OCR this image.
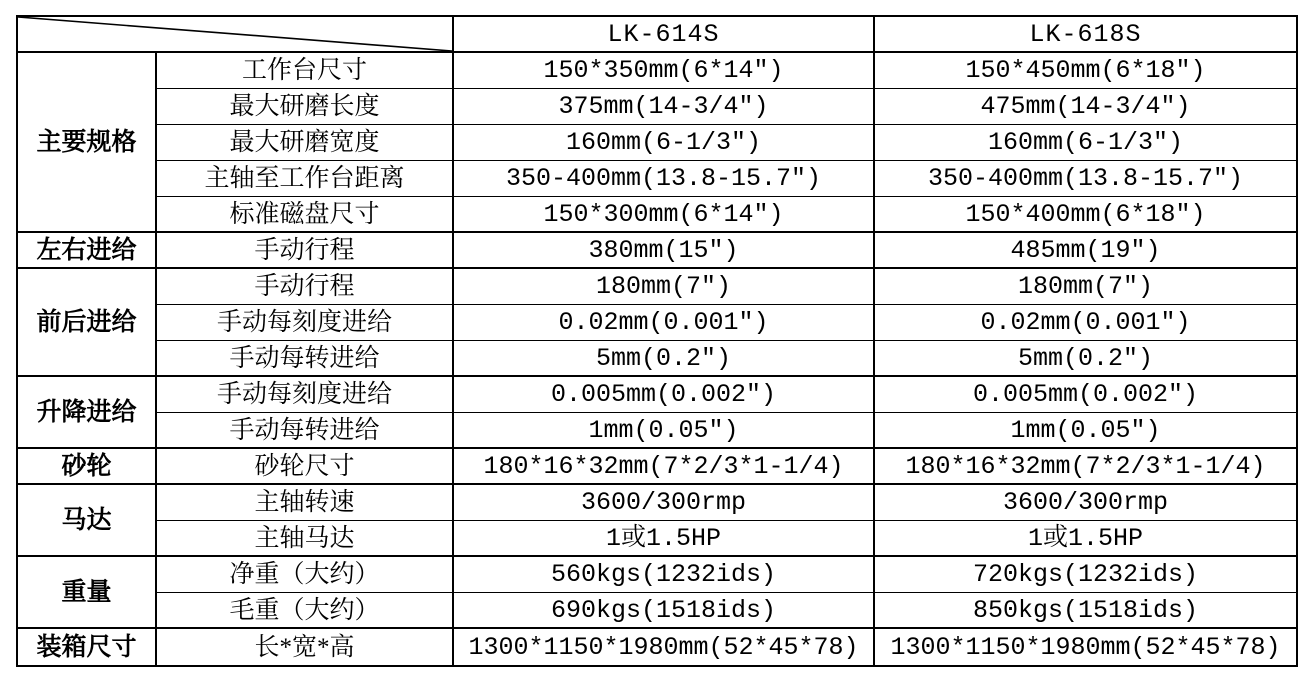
	LK-614S	LK-618S
主要规格	工作台尺寸	150*350mm(6*14″)	150*450mm(6*18″)
	最大研磨长度	375mm(14-3/4″)	475mm(14-3/4″)
	最大研磨宽度	160mm(6-1/3″)	160mm(6-1/3″)
	主轴至工作台距离	350-400mm(13.8-15.7″)	350-400mm(13.8-15.7″)
	标准磁盘尺寸	150*300mm(6*14″)	150*400mm(6*18″)
左右进给	手动行程	380mm(15″)	485mm(19″)
前后进给	手动行程	180mm(7″)	180mm(7″)
	手动每刻度进给	0.02mm(0.001″)	0.02mm(0.001″)
	手动每转进给	5mm(0.2″)	5mm(0.2″)
升降进给	手动每刻度进给	0.005mm(0.002″)	0.005mm(0.002″)
	手动每转进给	1mm(0.05″)	1mm(0.05″)
砂轮	砂轮尺寸	180*16*32mm(7*2/3*1-1/4)	180*16*32mm(7*2/3*1-1/4)
马达	主轴转速	3600/300rmp	3600/300rmp
	主轴马达	1或1.5HP	1或1.5HP
重量	净重（大约）	560kgs(1232ids)	720kgs(1232ids)
	毛重（大约）	690kgs(1518ids)	850kgs(1518ids)
装箱尺寸	长*宽*高	1300*1150*1980mm(52*45*78)	1300*1150*1980mm(52*45*78)
